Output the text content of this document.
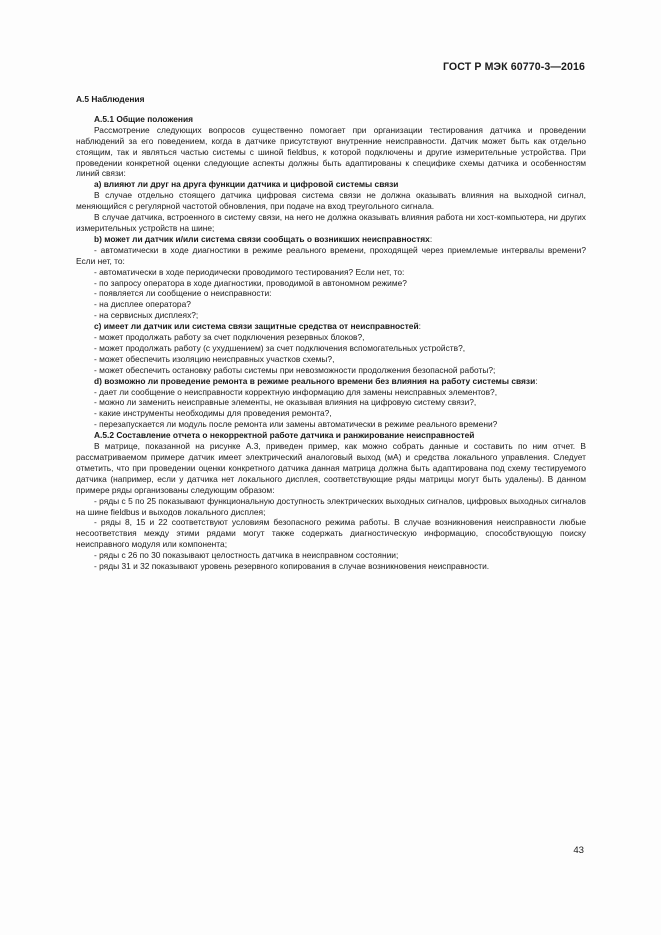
ГОСТ Р МЭК 60770-3—2016

А.5 Наблюдения

А.5.1 Общие положения

Рассмотрение следующих вопросов существенно помогает при организации тестирования датчика и проведении наблюдений за его поведением, когда в датчике присутствуют внутренние неисправности. Датчик может быть как отдельно стоящим, так и являться частью системы с шиной fieldbus, к которой подключены и другие измерительные устройства. При проведении конкретной оценки следующие аспекты должны быть адаптированы к специфике схемы датчика и особенностям линий связи:

а) влияют ли друг на друга функции датчика и цифровой системы связи

В случае отдельно стоящего датчика цифровая система связи не должна оказывать влияния на выходной сигнал, меняющийся с регулярной частотой обновления, при подаче на вход треугольного сигнала.

В случае датчика, встроенного в систему связи, на него не должна оказывать влияния работа ни хост-компьютера, ни других измерительных устройств на шине;

b) может ли датчик и/или система связи сообщать о возникших неисправностях:

- автоматически в ходе диагностики в режиме реального времени, проходящей через приемлемые интервалы времени? Если нет, то:

- автоматически в ходе периодически проводимого тестирования? Если нет, то:

- по запросу оператора в ходе диагностики, проводимой в автономном режиме?

- появляется ли сообщение о неисправности:

- на дисплее оператора?

- на сервисных дисплеях?;

с) имеет ли датчик или система связи защитные средства от неисправностей:

- может продолжать работу за счет подключения резервных блоков?,

- может продолжать работу (с ухудшением) за счет подключения вспомогательных устройств?,

- может обеспечить изоляцию неисправных участков схемы?,

- может обеспечить остановку работы системы при невозможности продолжения безопасной работы?;

d) возможно ли проведение ремонта в режиме реального времени без влияния на работу системы связи:

- дает ли сообщение о неисправности корректную информацию для замены неисправных элементов?,

- можно ли заменить неисправные элементы, не оказывая влияния на цифровую систему связи?,

- какие инструменты необходимы для проведения ремонта?,

- перезапускается ли модуль после ремонта или замены автоматически в режиме реального времени?

А.5.2 Составление отчета о некорректной работе датчика и ранжирование неисправностей

В матрице, показанной на рисунке А.3, приведен пример, как можно собрать данные и составить по ним отчет. В рассматриваемом примере датчик имеет электрический аналоговый выход (мА) и средства локального управления. Следует отметить, что при проведении оценки конкретного датчика данная матрица должна быть адаптирована под схему тестируемого датчика (например, если у датчика нет локального дисплея, соответствующие ряды матрицы могут быть удалены). В данном примере ряды организованы следующим образом:

- ряды с 5 по 25 показывают функциональную доступность электрических выходных сигналов, цифровых выходных сигналов на шине fieldbus и выходов локального дисплея;

- ряды 8, 15 и 22 соответствуют условиям безопасного режима работы. В случае возникновения неисправности любые несоответствия между этими рядами могут также содержать диагностическую информацию, способствующую поиску неисправного модуля или компонента;

- ряды с 26 по 30 показывают целостность датчика в неисправном состоянии;

- ряды 31 и 32 показывают уровень резервного копирования в случае возникновения неисправности.

43
